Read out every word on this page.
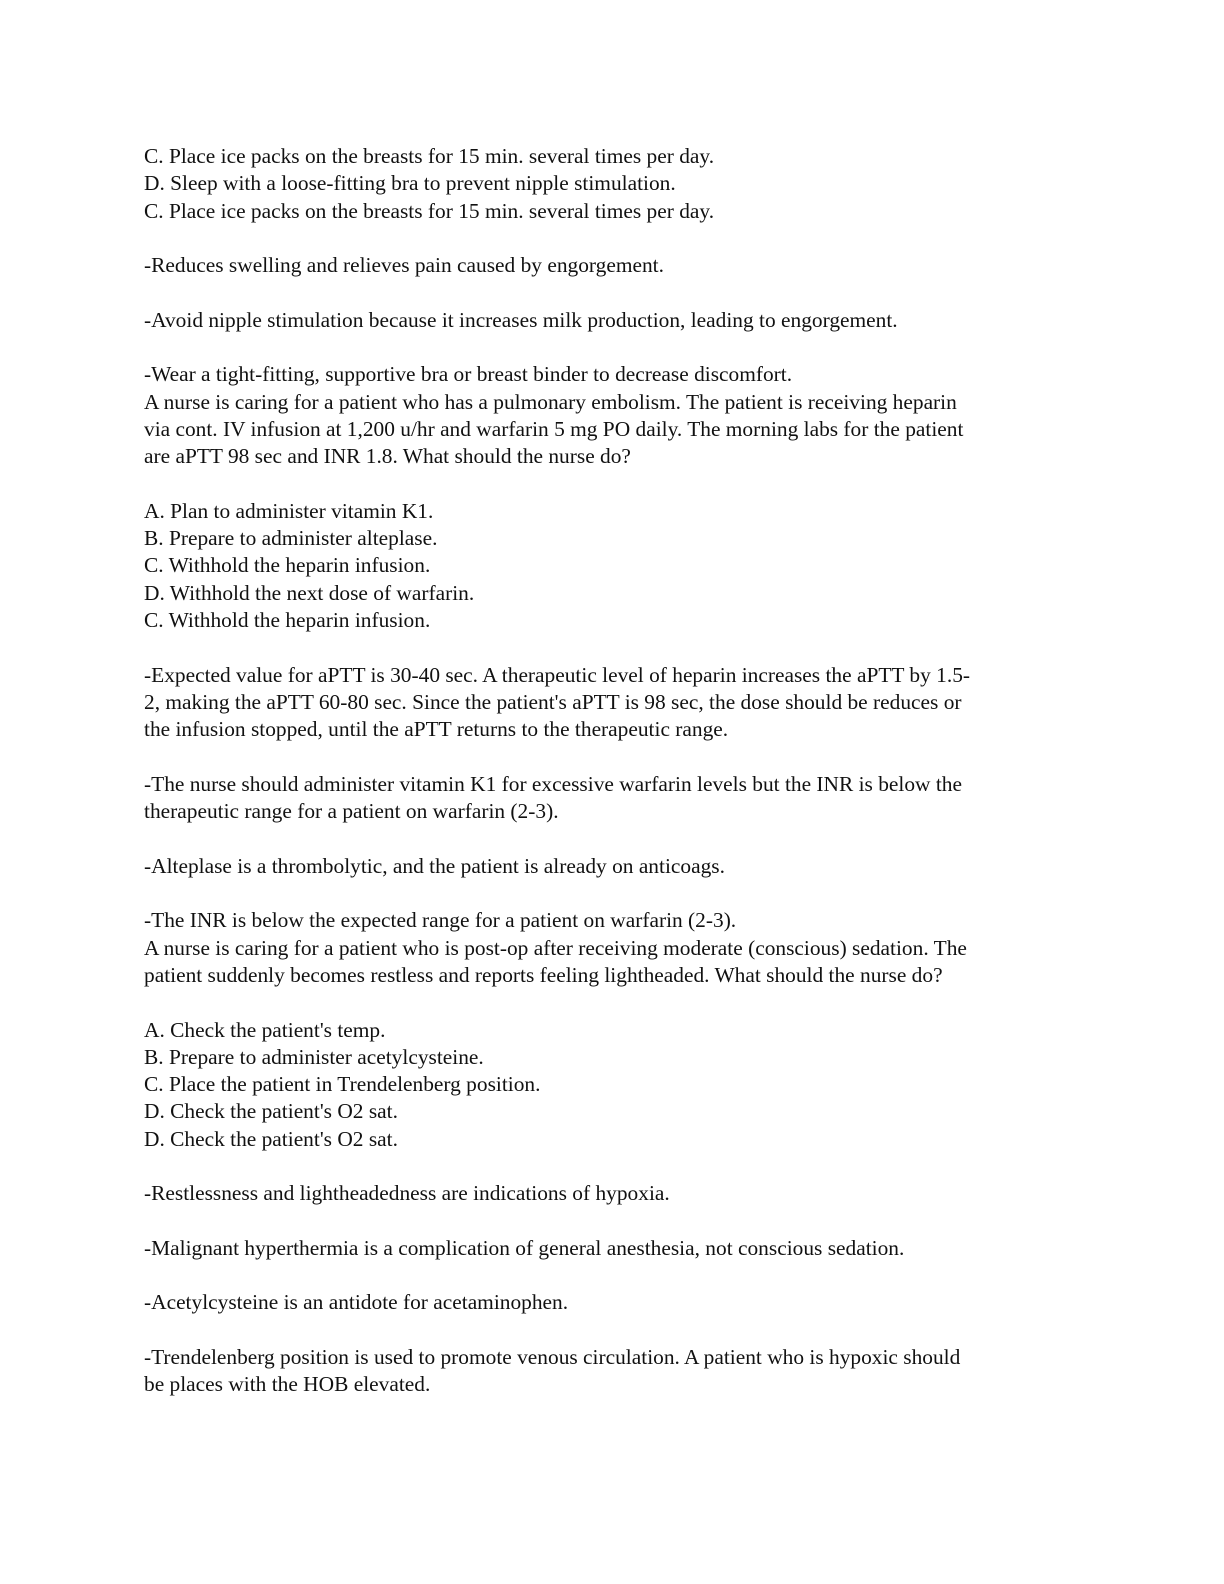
C. Place ice packs on the breasts for 15 min. several times per day.
D. Sleep with a loose-fitting bra to prevent nipple stimulation.
C. Place ice packs on the breasts for 15 min. several times per day.
-Reduces swelling and relieves pain caused by engorgement.
-Avoid nipple stimulation because it increases milk production, leading to engorgement.
-Wear a tight-fitting, supportive bra or breast binder to decrease discomfort.
A nurse is caring for a patient who has a pulmonary embolism. The patient is receiving heparin
via cont. IV infusion at 1,200 u/hr and warfarin 5 mg PO daily. The morning labs for the patient
are aPTT 98 sec and INR 1.8. What should the nurse do?
A. Plan to administer vitamin K1.
B. Prepare to administer alteplase.
C. Withhold the heparin infusion.
D. Withhold the next dose of warfarin.
C. Withhold the heparin infusion.
-Expected value for aPTT is 30-40 sec. A therapeutic level of heparin increases the aPTT by 1.5-
2, making the aPTT 60-80 sec. Since the patient's aPTT is 98 sec, the dose should be reduces or
the infusion stopped, until the aPTT returns to the therapeutic range.
-The nurse should administer vitamin K1 for excessive warfarin levels but the INR is below the
therapeutic range for a patient on warfarin (2-3).
-Alteplase is a thrombolytic, and the patient is already on anticoags.
-The INR is below the expected range for a patient on warfarin (2-3).
A nurse is caring for a patient who is post-op after receiving moderate (conscious) sedation. The
patient suddenly becomes restless and reports feeling lightheaded. What should the nurse do?
A. Check the patient's temp.
B. Prepare to administer acetylcysteine.
C. Place the patient in Trendelenberg position.
D. Check the patient's O2 sat.
D. Check the patient's O2 sat.
-Restlessness and lightheadedness are indications of hypoxia.
-Malignant hyperthermia is a complication of general anesthesia, not conscious sedation.
-Acetylcysteine is an antidote for acetaminophen.
-Trendelenberg position is used to promote venous circulation. A patient who is hypoxic should
be places with the HOB elevated.
